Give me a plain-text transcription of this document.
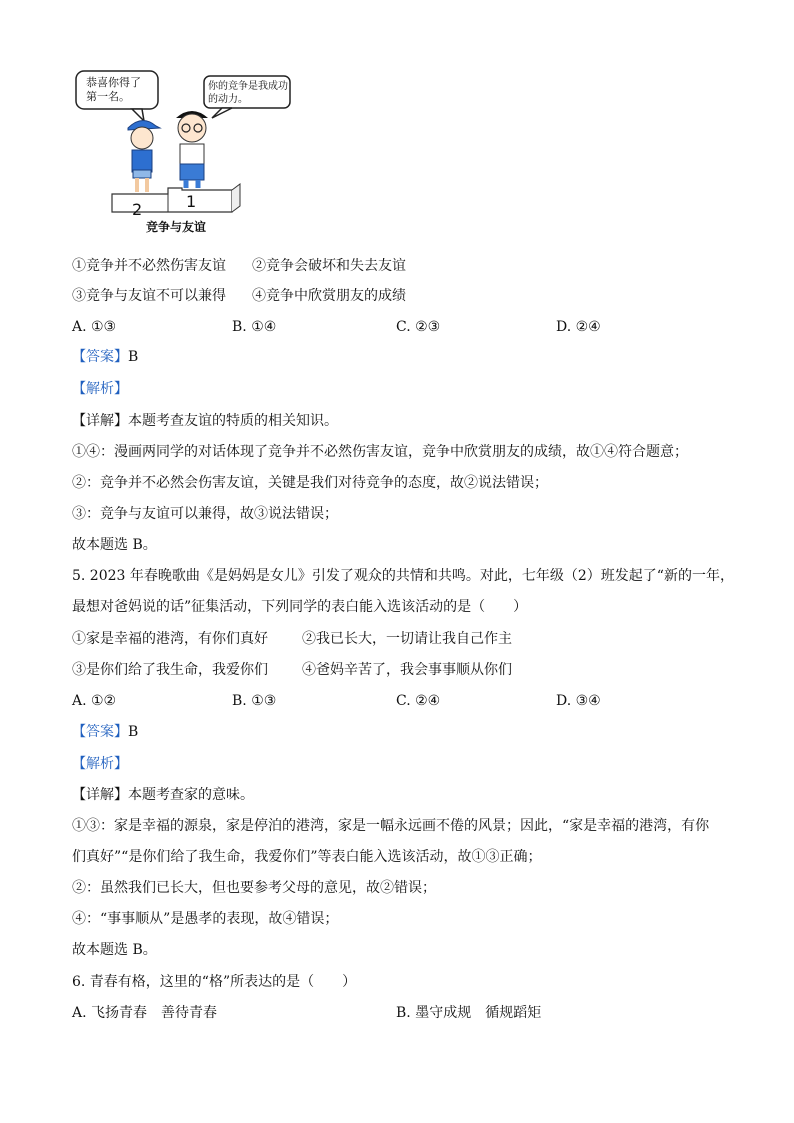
恭喜你得了第一名。
你的竞争是我成功的动力。
2	1
竞争与友谊
①竞争并不必然伤害友谊 ②竞争会破坏和失去友谊
③竞争与友谊不可以兼得 ④竞争中欣赏朋友的成绩
A. ①③	B. ①④	C. ②③	D. ②④
【答案】B
【解析】
【详解】本题考查友谊的特质的相关知识。
①④：漫画两同学的对话体现了竞争并不必然伤害友谊，竞争中欣赏朋友的成绩，故①④符合题意；
②：竞争并不必然会伤害友谊，关键是我们对待竞争的态度，故②说法错误；
③：竞争与友谊可以兼得，故③说法错误；
故本题选 B。
5. 2023 年春晚歌曲《是妈妈是女儿》引发了观众的共情和共鸣。对此，七年级（2）班发起了“新的一年，
最想对爸妈说的话”征集活动，下列同学的表白能入选该活动的是（　　）
①家是幸福的港湾，有你们真好 ②我已长大，一切请让我自己作主
③是你们给了我生命，我爱你们 ④爸妈辛苦了，我会事事顺从你们
A. ①②	B. ①③	C. ②④	D. ③④
【答案】B
【解析】
【详解】本题考查家的意味。
①③：家是幸福的源泉，家是停泊的港湾，家是一幅永远画不倦的风景；因此，“家是幸福的港湾，有你
们真好”“是你们给了我生命，我爱你们”等表白能入选该活动，故①③正确；
②：虽然我们已长大，但也要参考父母的意见，故②错误；
④：“事事顺从”是愚孝的表现，故④错误；
故本题选 B。
6. 青春有格，这里的“格”所表达的是（　　）
A. 飞扬青春　善待青春	B. 墨守成规　循规蹈矩
